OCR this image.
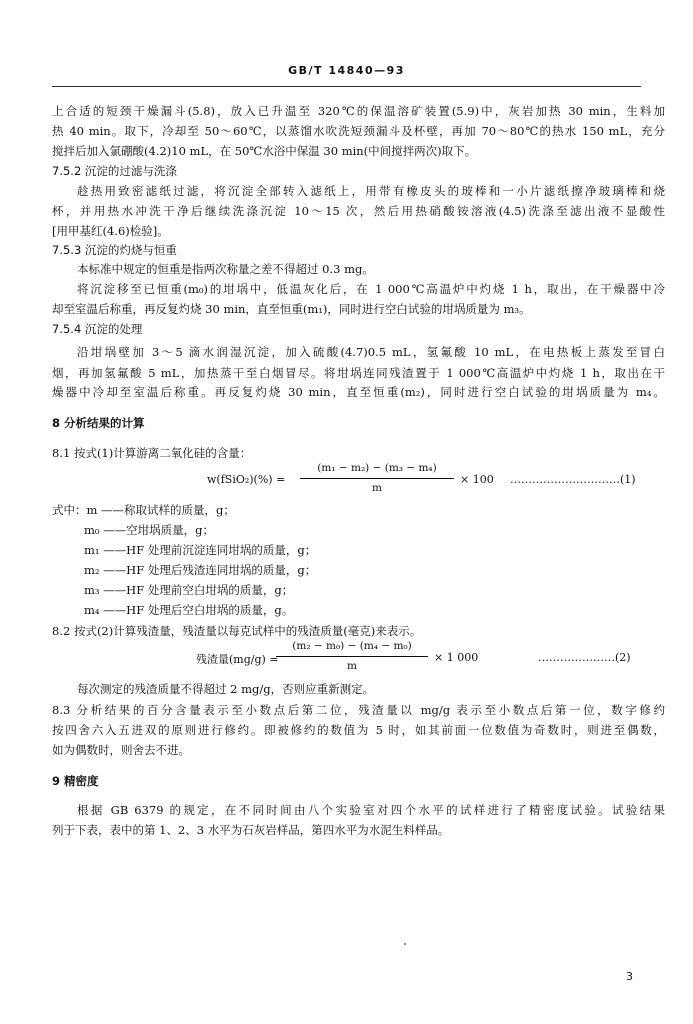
GB/T 14840—93
上合适的短颈干燥漏斗(5.8)，放入已升温至 320℃的保温溶矿装置(5.9)中，灰岩加热 30 min，生料加
热 40 min。取下，冷却至 50～60℃，以蒸馏水吹洗短颈漏斗及杯壁，再加 70～80℃的热水 150 mL，充分
搅拌后加入氯硼酸(4.2)10 mL，在 50℃水浴中保温 30 min(中间搅拌两次)取下。
7.5.2 沉淀的过滤与洗涤
趁热用致密滤纸过滤，将沉淀全部转入滤纸上，用带有橡皮头的玻棒和一小片滤纸擦净玻璃棒和烧
杯，并用热水冲洗干净后继续洗涤沉淀 10～15 次，然后用热硝酸铵溶液(4.5)洗涤至滤出液不显酸性
[用甲基红(4.6)检验]。
7.5.3 沉淀的灼烧与恒重
本标准中规定的恒重是指两次称量之差不得超过 0.3 mg。
将沉淀移至已恒重(m₀)的坩埚中，低温灰化后，在 1 000℃高温炉中灼烧 1 h，取出，在干燥器中冷
却至室温后称重，再反复灼烧 30 min，直至恒重(m₁)，同时进行空白试验的坩埚质量为 m₃。
7.5.4 沉淀的处理
沿坩埚壁加 3～5 滴水润湿沉淀，加入硫酸(4.7)0.5 mL，氢氟酸 10 mL，在电热板上蒸发至冒白
烟，再加氢氟酸 5 mL，加热蒸干至白烟冒尽。将坩埚连同残渣置于 1 000℃高温炉中灼烧 1 h，取出在干
燥器中冷却至室温后称重。再反复灼烧 30 min，直至恒重(m₂)，同时进行空白试验的坩埚质量为 m₄。
8 分析结果的计算
8.1 按式(1)计算游离二氧化硅的含量：
w(fSiO₂)(%) =
(m₁ − m₂) − (m₃ − m₄)
m
× 100 …………………………(1)
式中：m ——称取试样的质量，g；
m₀ ——空坩埚质量，g；
m₁ ——HF 处理前沉淀连同坩埚的质量，g；
m₂ ——HF 处理后残渣连同坩埚的质量，g；
m₃ ——HF 处理前空白坩埚的质量，g；
m₄ ——HF 处理后空白坩埚的质量，g。
8.2 按式(2)计算残渣量，残渣量以每克试样中的残渣质量(毫克)来表示。
残渣量(mg/g) =
(m₂ − m₀) − (m₄ − m₀)
m
× 1 000	…………………(2)
每次测定的残渣质量不得超过 2 mg/g，否则应重新测定。
8.3 分析结果的百分含量表示至小数点后第二位，残渣量以 mg/g 表示至小数点后第一位，数字修约
按四舍六入五进双的原则进行修约。即被修约的数值为 5 时，如其前面一位数值为奇数时，则进至偶数，
如为偶数时，则舍去不进。
9 精密度
根据 GB 6379 的规定，在不同时间由八个实验室对四个水平的试样进行了精密度试验。试验结果
列于下表，表中的第 1、2、3 水平为石灰岩样品，第四水平为水泥生料样品。
3
